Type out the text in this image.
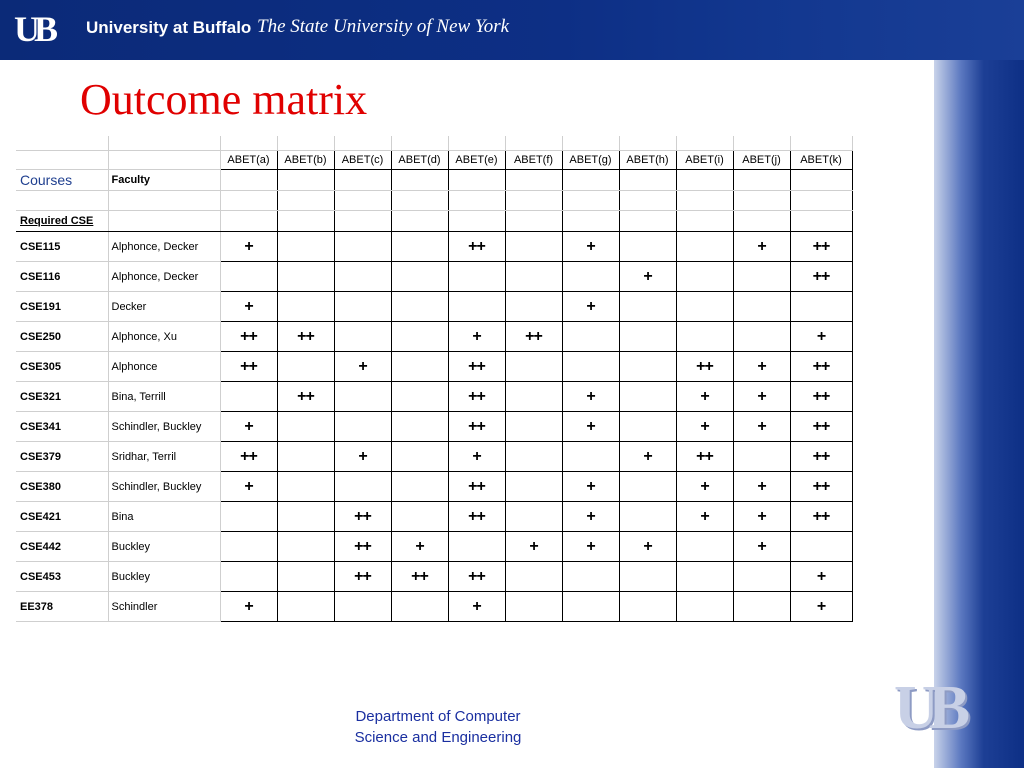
UB	University at Buffalo The State University of New York
UB
Outcome matrix

		ABET(a)	ABET(b)	ABET(c)	ABET(d)	ABET(e)	ABET(f)	ABET(g)	ABET(h)	ABET(i)	ABET(j)	ABET(k)
Courses	Faculty											

Required CSE												
CSE115	Alphonce, Decker	+				++		+			+	++
CSE116	Alphonce, Decker								+			++
CSE191	Decker	+						+				
CSE250	Alphonce, Xu	++	++			+	++					+
CSE305	Alphonce	++		+		++				++	+	++
CSE321	Bina, Terrill		++			++		+		+	+	++
CSE341	Schindler, Buckley	+				++		+		+	+	++
CSE379	Sridhar, Terril	++		+		+			+	++		++
CSE380	Schindler, Buckley	+				++		+		+	+	++
CSE421	Bina			++		++		+		+	+	++
CSE442	Buckley			++	+		+	+	+		+	
CSE453	Buckley			++	++	++						+
EE378	Schindler	+				+						+
Department of Computer
Science and Engineering
